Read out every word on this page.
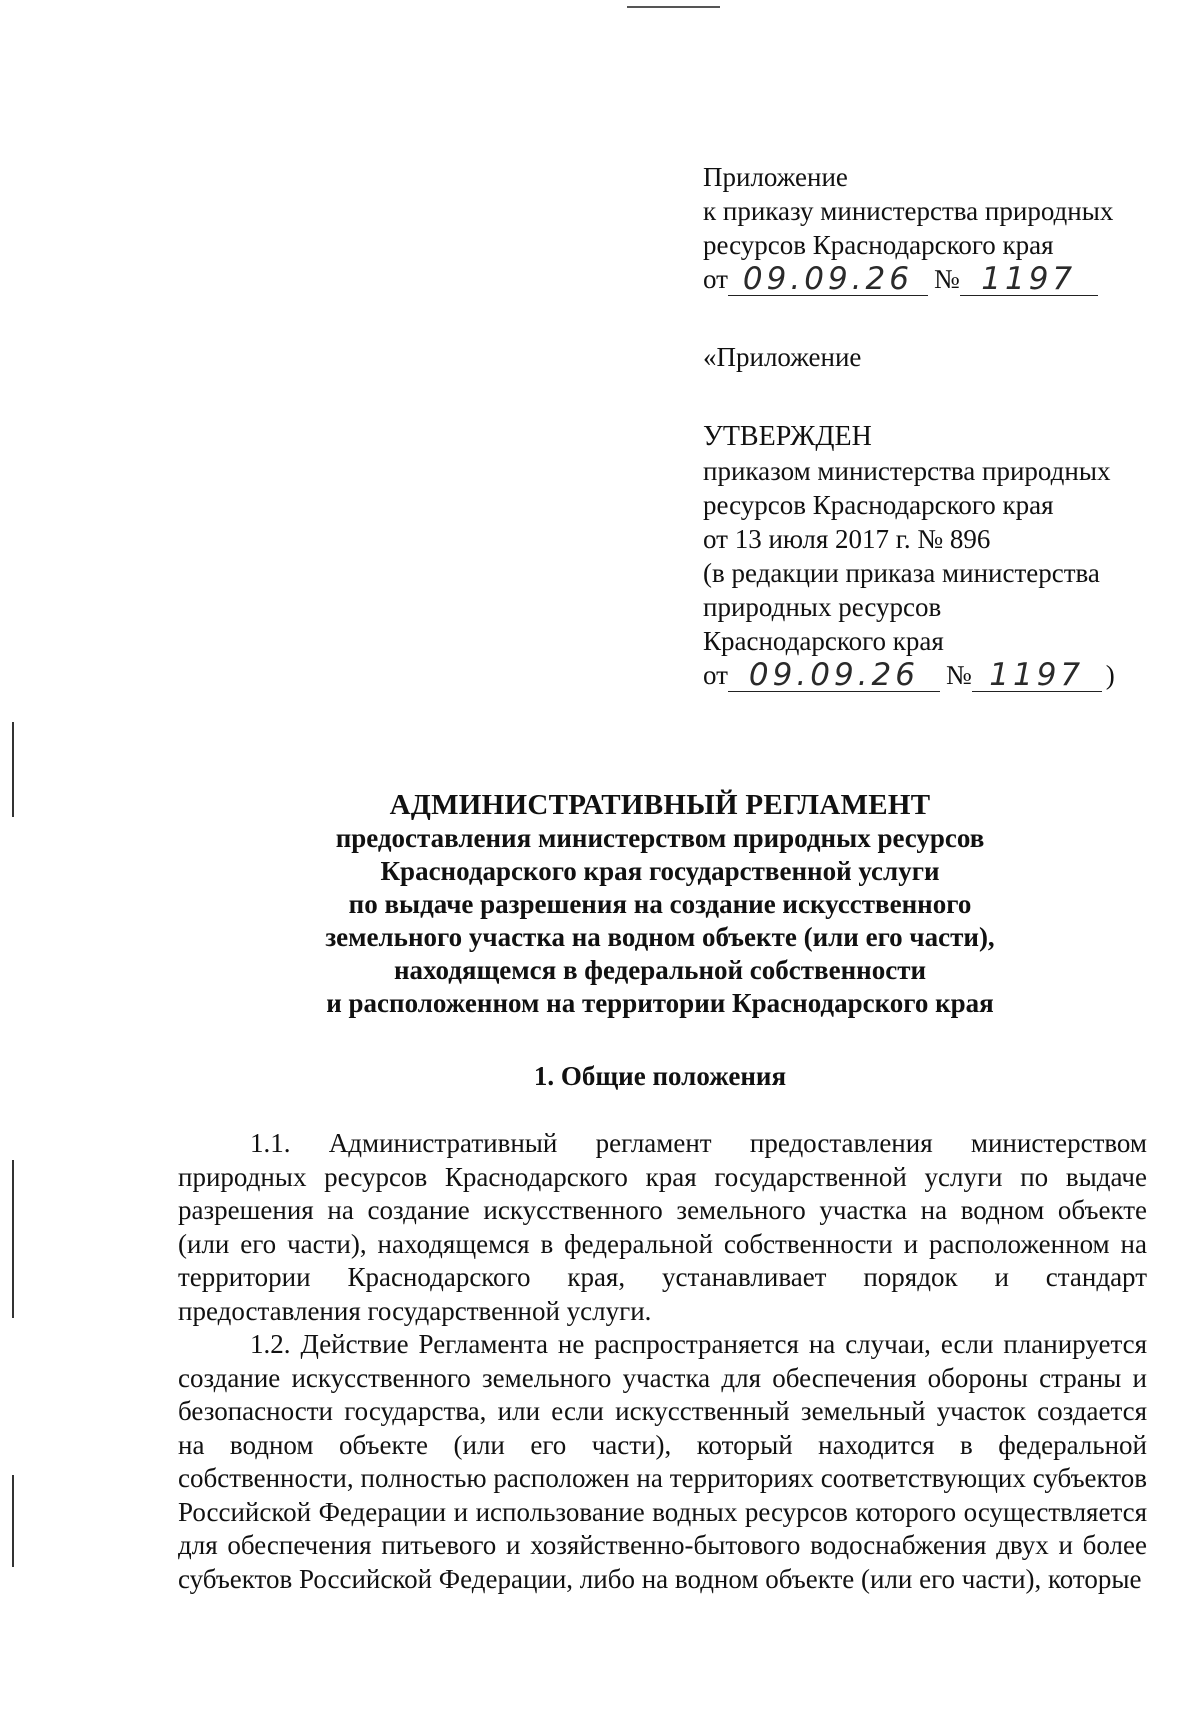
Приложение
к приказу министерства природных
ресурсов Краснодарского края
от 09.09.26 № 1197
«Приложение
УТВЕРЖДЕН
приказом министерства природных
ресурсов Краснодарского края
от 13 июля 2017 г. № 896
(в редакции приказа министерства
природных ресурсов
Краснодарского края
от 09.09.26 № 1197 )
АДМИНИСТРАТИВНЫЙ РЕГЛАМЕНТ
предоставления министерством природных ресурсов
Краснодарского края государственной услуги
по выдаче разрешения на создание искусственного
земельного участка на водном объекте (или его части),
находящемся в федеральной собственности
и расположенном на территории Краснодарского края
1. Общие положения

1.1. Административный регламент предоставления министерством природных ресурсов Краснодарского края государственной услуги по выдаче разрешения на создание искусственного земельного участка на водном объекте (или его части), находящемся в федеральной собственности и расположенном на территории Краснодарского края, устанавливает порядок и стандарт предоставления государственной услуги.

1.2. Действие Регламента не распространяется на случаи, если планируется создание искусственного земельного участка для обеспечения обороны страны и безопасности государства, или если искусственный земельный участок создается на водном объекте (или его части), который находится в федеральной собственности, полностью расположен на территориях соответствующих субъектов Российской Федерации и использование водных ресурсов которого осуществляется для обеспечения питьевого и хозяйственно-бытового водоснабжения двух и более субъектов Российской Федерации, либо на водном объекте (или его части), которые
